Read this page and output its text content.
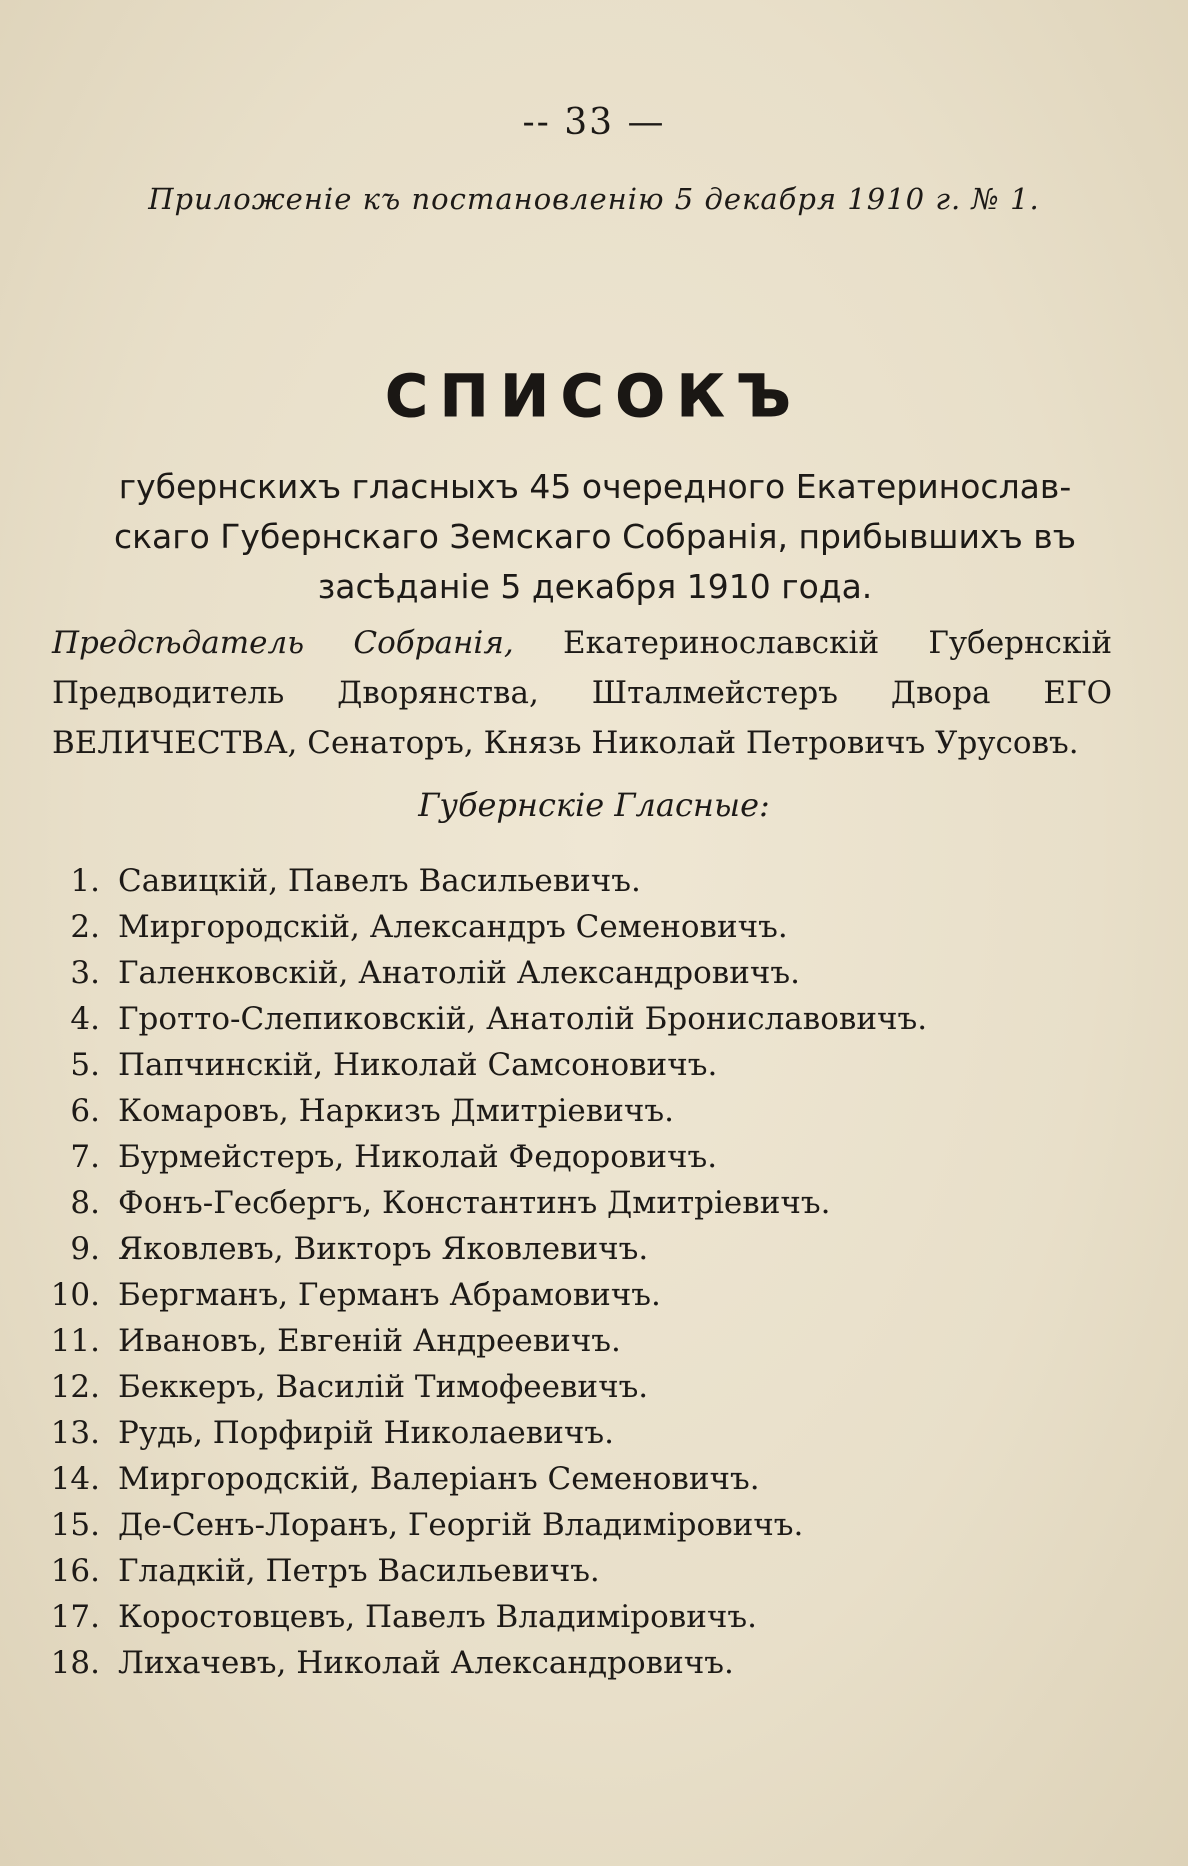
-- 33 —
Приложенiе къ постановленiю 5 декабря 1910 г. № 1.
СПИСОКЪ
губернскихъ гласныхъ 45 очередного Екатеринослав-
скаго Губернскаго Земскаго Собранiя, прибывшихъ въ
засѣданiе 5 декабря 1910 года.
Предсѣдатель Собранiя, Екатеринославскiй Губернскiй Предводитель Дворянства, Шталмейстеръ Двора ЕГО ВЕЛИЧЕСТВА, Сенаторъ, Князь Николай Петровичъ Урусовъ.
Губернскiе Гласные:
1. Савицкiй, Павелъ Васильевичъ.
2. Миргородскiй, Александръ Семеновичъ.
3. Галенковскiй, Анатолiй Александровичъ.
4. Гротто-Слепиковскiй, Анатолiй Брониславовичъ.
5. Папчинскiй, Николай Самсоновичъ.
6. Комаровъ, Наркизъ Дмитрiевичъ.
7. Бурмейстеръ, Николай Федоровичъ.
8. Фонъ-Гесбергъ, Константинъ Дмитрiевичъ.
9. Яковлевъ, Викторъ Яковлевичъ.
10. Бергманъ, Германъ Абрамовичъ.
11. Ивановъ, Евгенiй Андреевичъ.
12. Беккеръ, Василiй Тимофеевичъ.
13. Рудь, Порфирiй Николаевичъ.
14. Миргородскiй, Валерiанъ Семеновичъ.
15. Де-Сенъ-Лоранъ, Георгiй Владимiровичъ.
16. Гладкiй, Петръ Васильевичъ.
17. Коростовцевъ, Павелъ Владимiровичъ.
18. Лихачевъ, Николай Александровичъ.
